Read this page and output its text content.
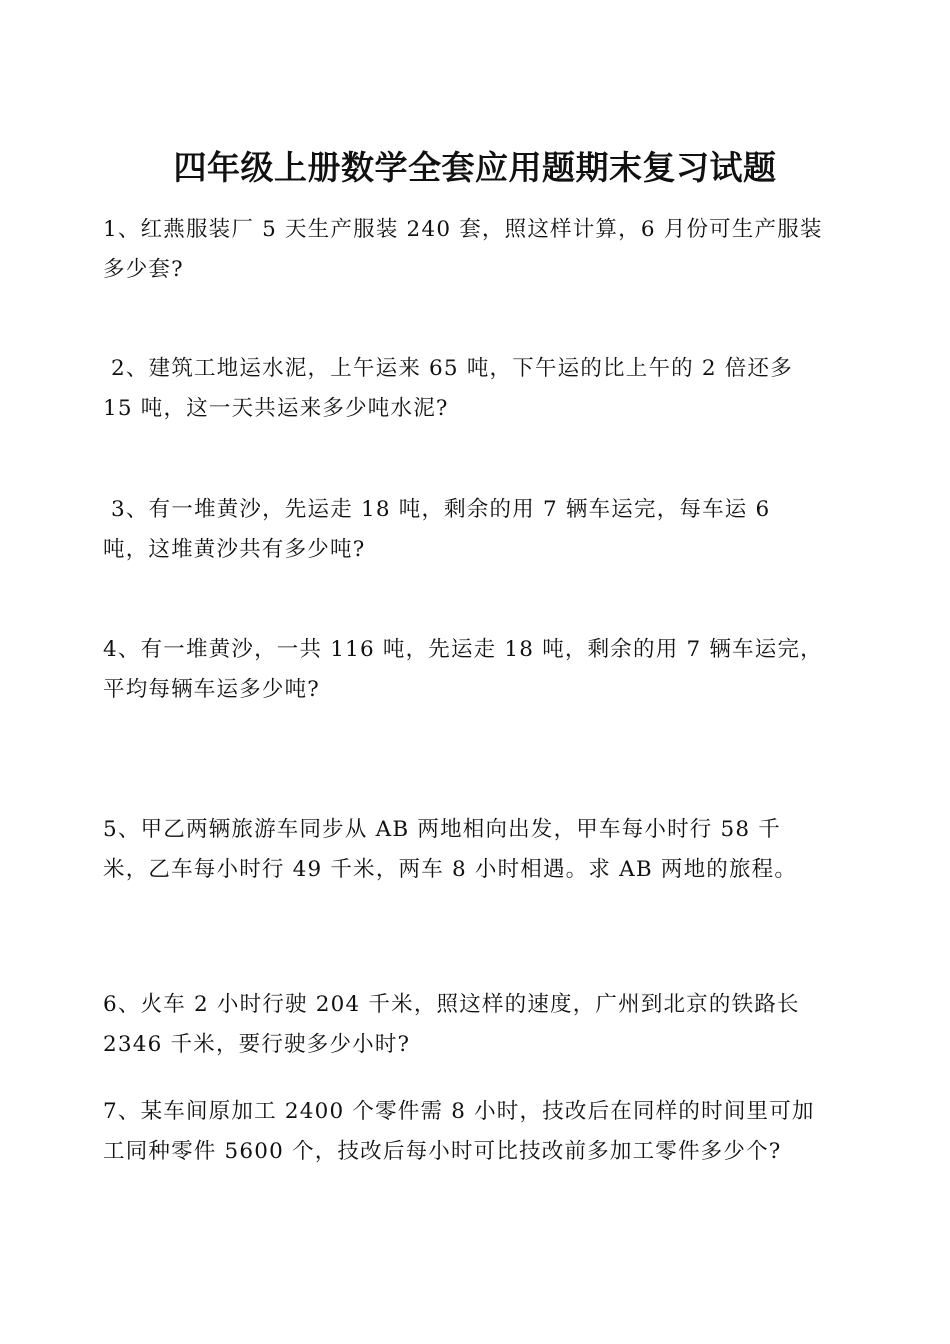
四年级上册数学全套应用题期末复习试题
1、红燕服装厂 5 天生产服装 240 套，照这样计算，6 月份可生产服装
多少套?
2、建筑工地运水泥，上午运来 65 吨，下午运的比上午的 2 倍还多
15 吨，这一天共运来多少吨水泥?
3、有一堆黄沙，先运走 18 吨，剩余的用 7 辆车运完，每车运 6
吨，这堆黄沙共有多少吨?
4、有一堆黄沙，一共 116 吨，先运走 18 吨，剩余的用 7 辆车运完，
平均每辆车运多少吨?
5、甲乙两辆旅游车同步从 AB 两地相向出发，甲车每小时行 58 千
米，乙车每小时行 49 千米，两车 8 小时相遇。求 AB 两地的旅程。
6、火车 2 小时行驶 204 千米，照这样的速度，广州到北京的铁路长
2346 千米，要行驶多少小时?
7、某车间原加工 2400 个零件需 8 小时，技改后在同样的时间里可加
工同种零件 5600 个，技改后每小时可比技改前多加工零件多少个?
